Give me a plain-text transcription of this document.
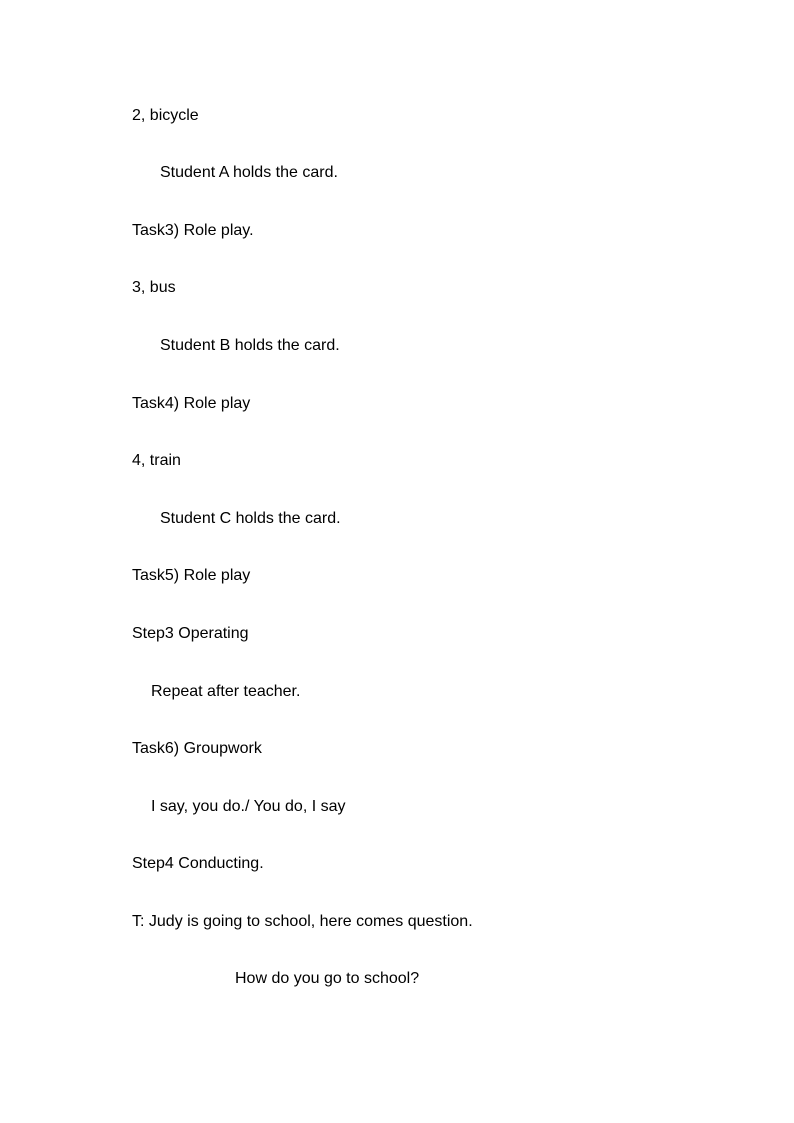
2, bicycle

Student A holds the card.

Task3) Role play.

3, bus

Student B holds the card.

Task4) Role play

4, train

Student C holds the card.

Task5) Role play

Step3 Operating

Repeat after teacher.

Task6) Groupwork

I say, you do./ You do, I say

Step4 Conducting.

T: Judy is going to school, here comes question.

How do you go to school?
